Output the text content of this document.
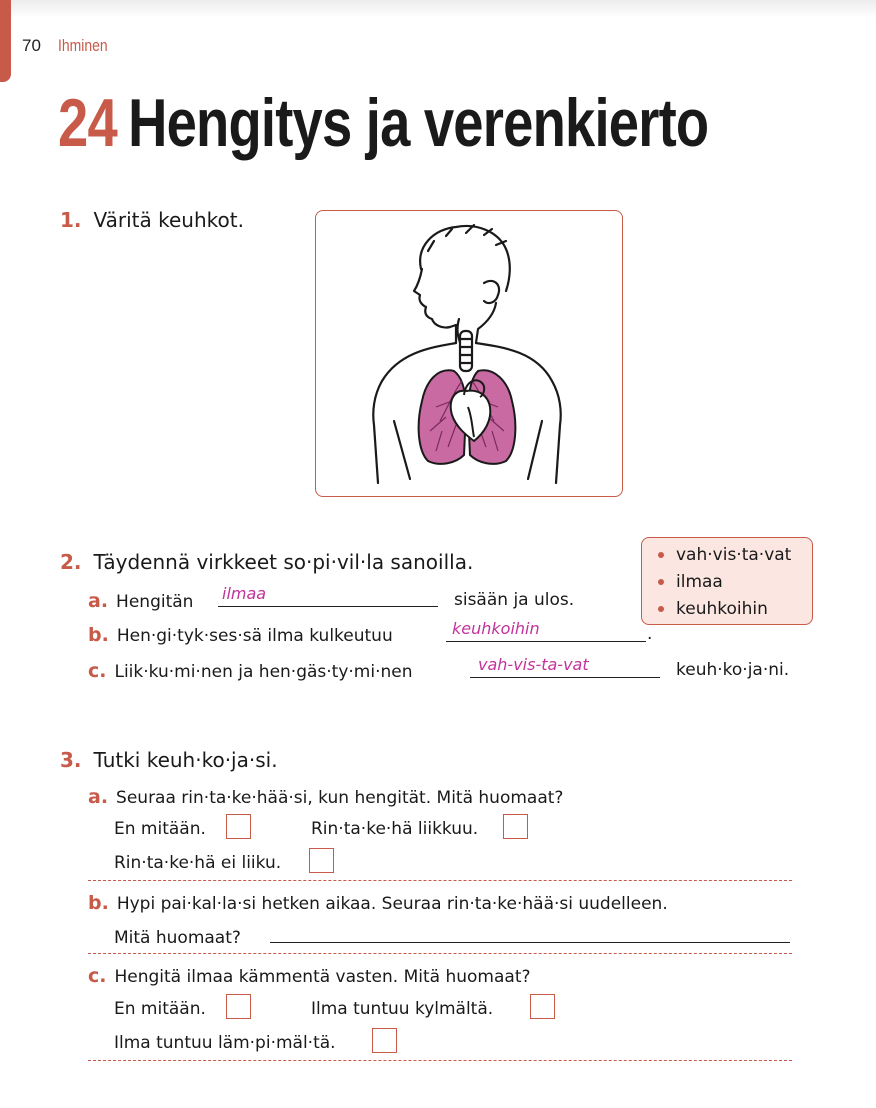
70 Ihminen
24 Hengitys ja verenkierto
1. Väritä keuhkot.
2. Täydennä virkkeet so·pi·vil·la sanoilla.	vah·vis·ta·vat
ilmaa
keuhkoihin
a. Hengitän ilmaa	sisään ja ulos.
b. Hen·gi·tyk·ses·sä ilma kulkeutuu	keuhkoihin	.
c. Liik·ku·mi·nen ja hen·gäs·ty·mi·nen	vah-vis-ta-vat	keuh·ko·ja·ni.
3. Tutki keuh·ko·ja·si.
a. Seuraa rin·ta·ke·hää·si, kun hengität. Mitä huomaat?
En mitään.	Rin·ta·ke·hä liikkuu.
Rin·ta·ke·hä ei liiku.
b. Hypi pai·kal·la·si hetken aikaa. Seuraa rin·ta·ke·hää·si uudelleen.
Mitä huomaat?
c. Hengitä ilmaa kämmentä vasten. Mitä huomaat?
En mitään.	Ilma tuntuu kylmältä.
Ilma tuntuu läm·pi·mäl·tä.
